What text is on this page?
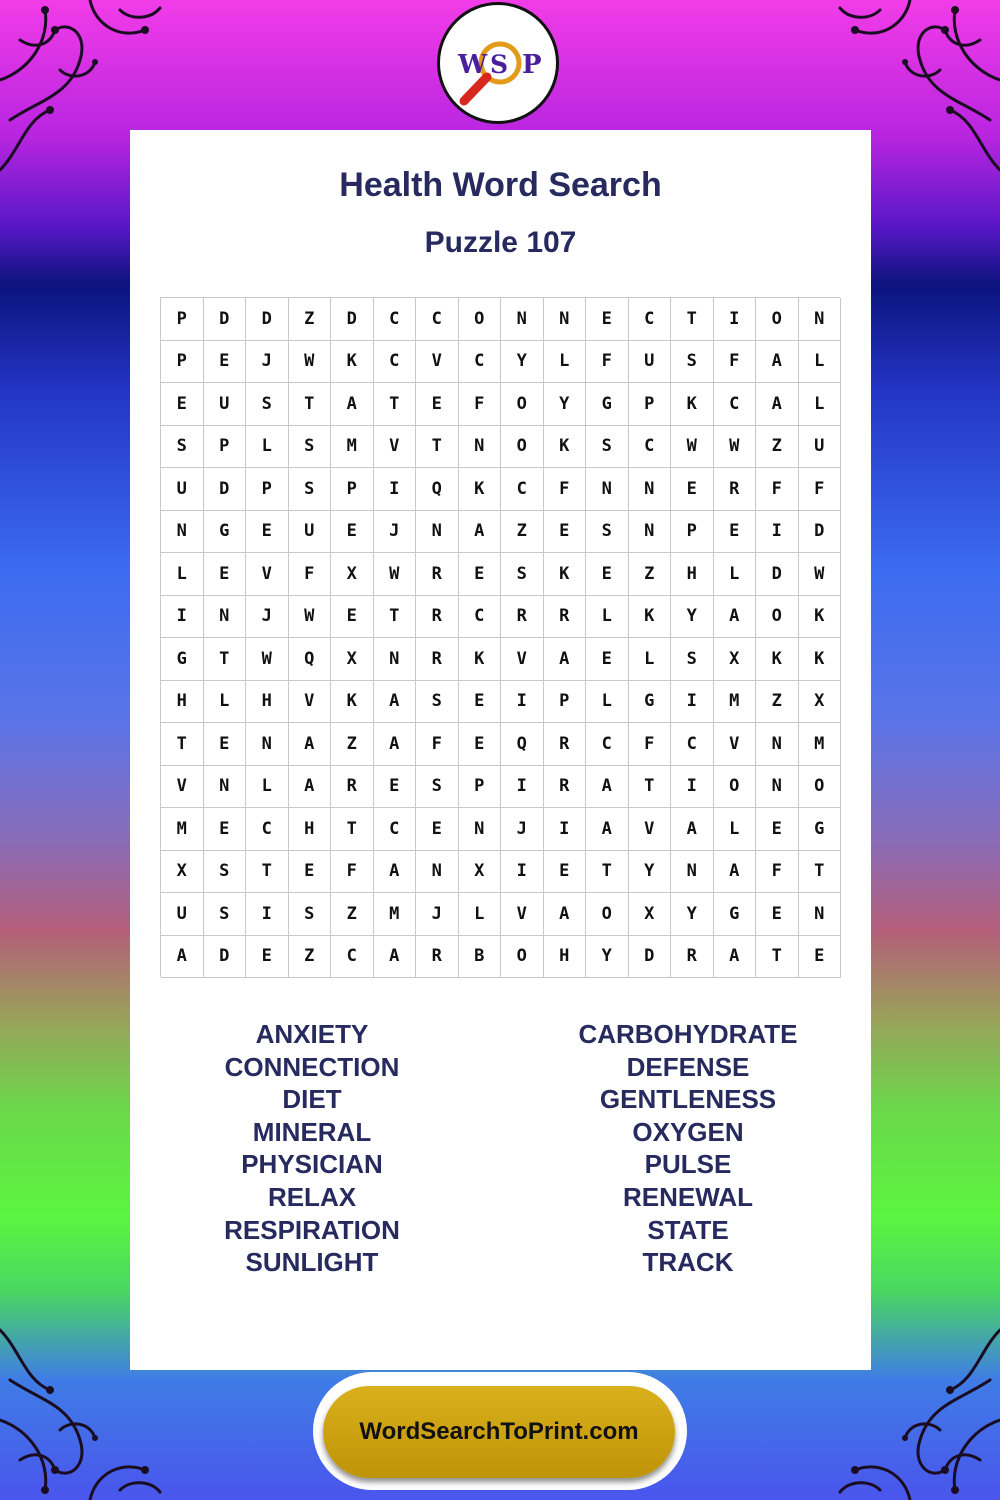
W S P
Health Word Search
Puzzle 107
P	D	D	Z	D	C	C	O	N	N	E	C	T	I	O	N
P	E	J	W	K	C	V	C	Y	L	F	U	S	F	A	L
E	U	S	T	A	T	E	F	O	Y	G	P	K	C	A	L
S	P	L	S	M	V	T	N	O	K	S	C	W	W	Z	U
U	D	P	S	P	I	Q	K	C	F	N	N	E	R	F	F
N	G	E	U	E	J	N	A	Z	E	S	N	P	E	I	D
L	E	V	F	X	W	R	E	S	K	E	Z	H	L	D	W
I	N	J	W	E	T	R	C	R	R	L	K	Y	A	O	K
G	T	W	Q	X	N	R	K	V	A	E	L	S	X	K	K
H	L	H	V	K	A	S	E	I	P	L	G	I	M	Z	X
T	E	N	A	Z	A	F	E	Q	R	C	F	C	V	N	M
V	N	L	A	R	E	S	P	I	R	A	T	I	O	N	O
M	E	C	H	T	C	E	N	J	I	A	V	A	L	E	G
X	S	T	E	F	A	N	X	I	E	T	Y	N	A	F	T
U	S	I	S	Z	M	J	L	V	A	O	X	Y	G	E	N
A	D	E	Z	C	A	R	B	O	H	Y	D	R	A	T	E
ANXIETY
CONNECTION
DIET
MINERAL
PHYSICIAN
RELAX
RESPIRATION
SUNLIGHT
CARBOHYDRATE
DEFENSE
GENTLENESS
OXYGEN
PULSE
RENEWAL
STATE
TRACK
WordSearchToPrint.com
